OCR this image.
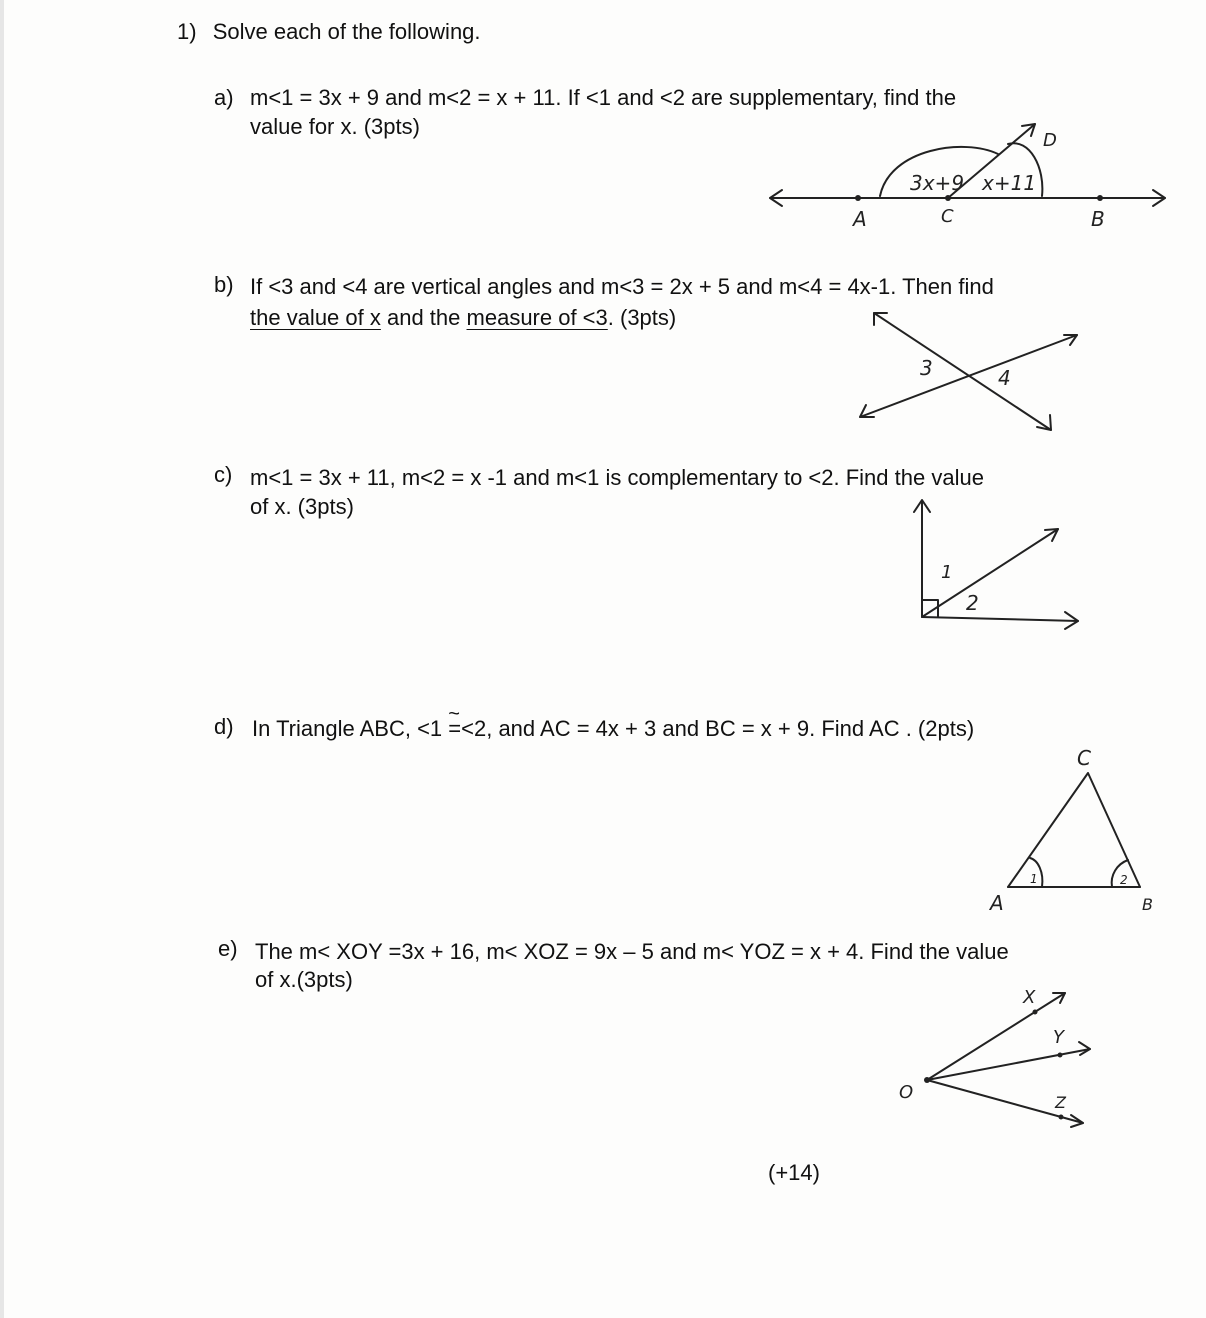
1) Solve each of the following.
a) m<1 = 3x + 9 and m<2 = x + 11. If <1 and <2 are supplementary, find the
value for x. (3pts)
3x+9 x+11
A	C	B
D
b) If <3 and <4 are vertical angles and m<3 = 2x + 5 and m<4 = 4x-1. Then find
the value of x and the measure of <3. (3pts)
3	4
c) m<1 = 3x + 11, m<2 = x -1 and m<1 is complementary to <2. Find the value
of x. (3pts)
1
2
d) In Triangle ABC, <1 ~ =<2, and AC = 4x + 3 and BC = x + 9. Find AC . (2pts)
1	2
C
A	B
e) The m< XOY =3x + 16, m< XOZ = 9x – 5 and m< YOZ = x + 4. Find the value
of x.(3pts)
O
X
Y
Z
(+14)
